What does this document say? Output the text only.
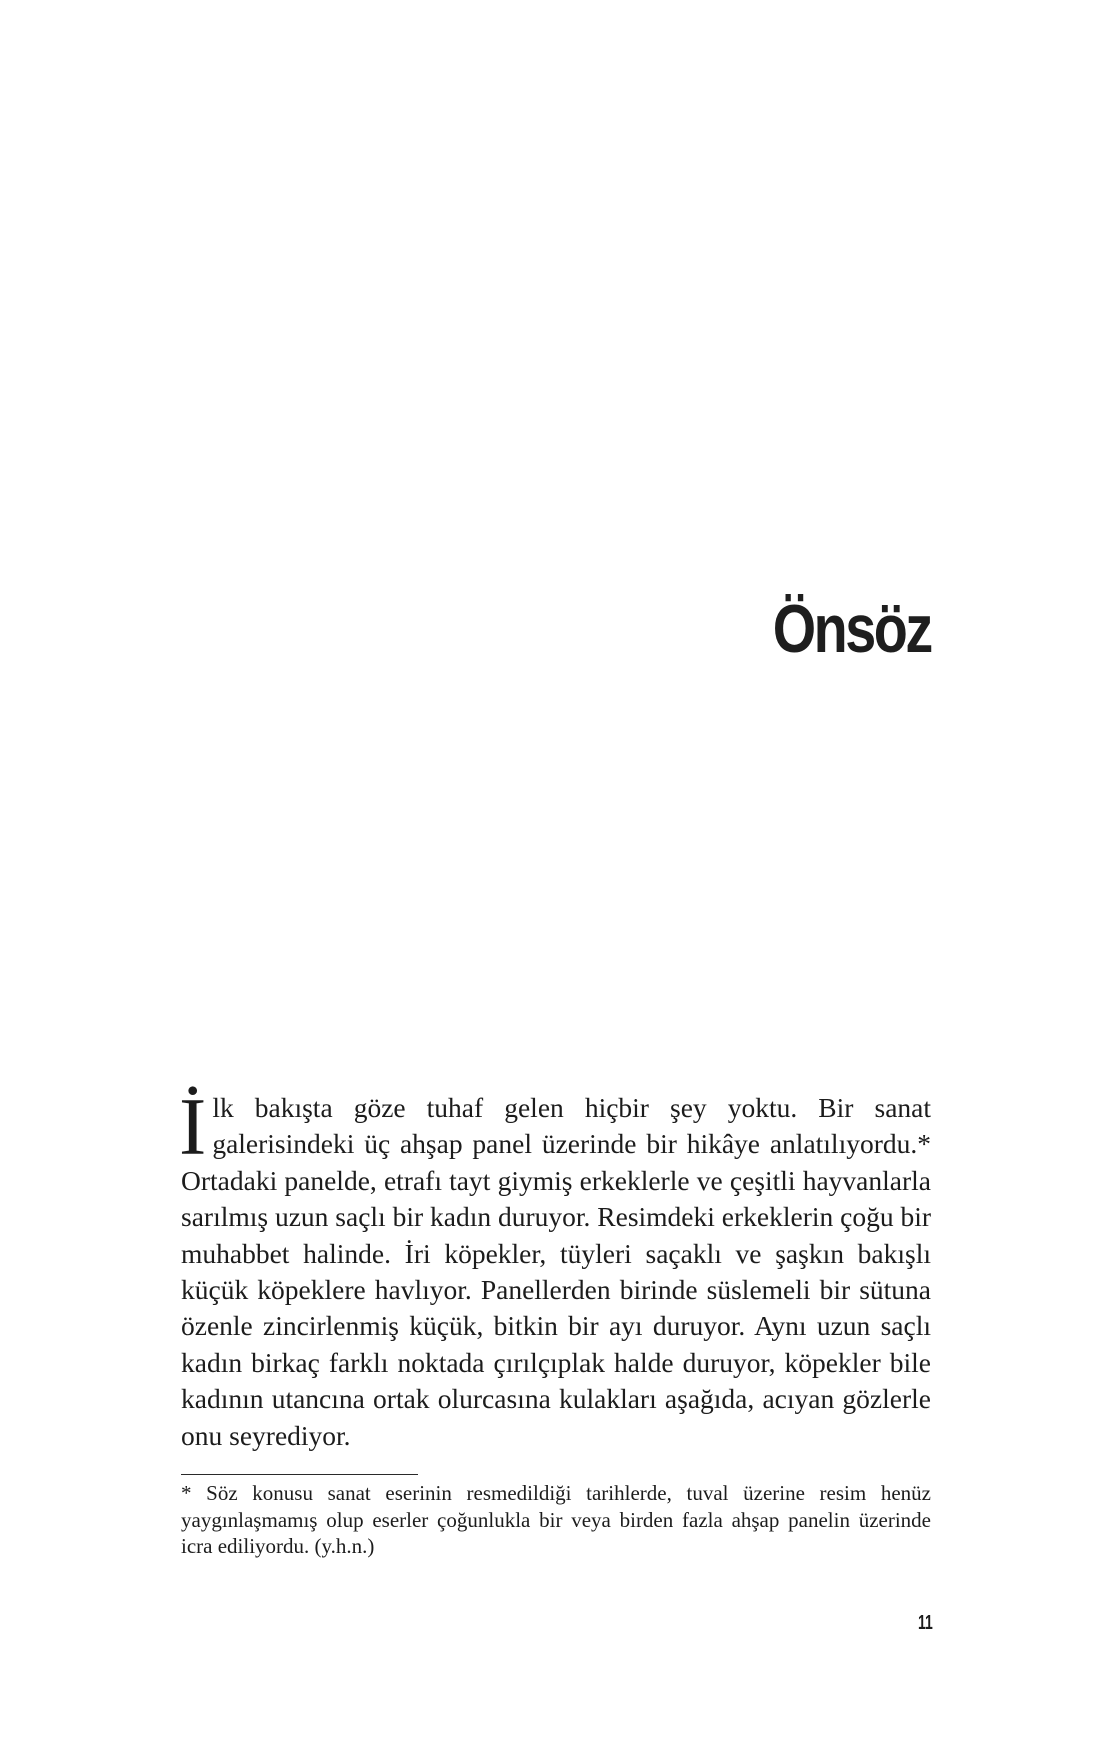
Önsöz

İlk bakışta göze tuhaf gelen hiçbir şey yoktu. Bir sanat galerisindeki üç ahşap panel üzerinde bir hikâye anlatılıyordu.* Ortadaki panelde, etrafı tayt giymiş erkeklerle ve çeşitli hayvanlarla sarılmış uzun saçlı bir kadın duruyor. Resimdeki erkeklerin çoğu bir muhabbet halinde. İri köpekler, tüyleri saçaklı ve şaşkın bakışlı küçük köpeklere havlıyor. Panellerden birinde süslemeli bir sütuna özenle zincirlenmiş küçük, bitkin bir ayı duruyor. Aynı uzun saçlı kadın birkaç farklı noktada çırılçıplak halde duruyor, köpekler bile kadının utancına ortak olurcasına kulakları aşağıda, acıyan gözlerle onu seyrediyor.

* Söz konusu sanat eserinin resmedildiği tarihlerde, tuval üzerine resim henüz yaygınlaşmamış olup eserler çoğunlukla bir veya birden fazla ahşap panelin üzerinde icra ediliyordu. (y.h.n.)

11
